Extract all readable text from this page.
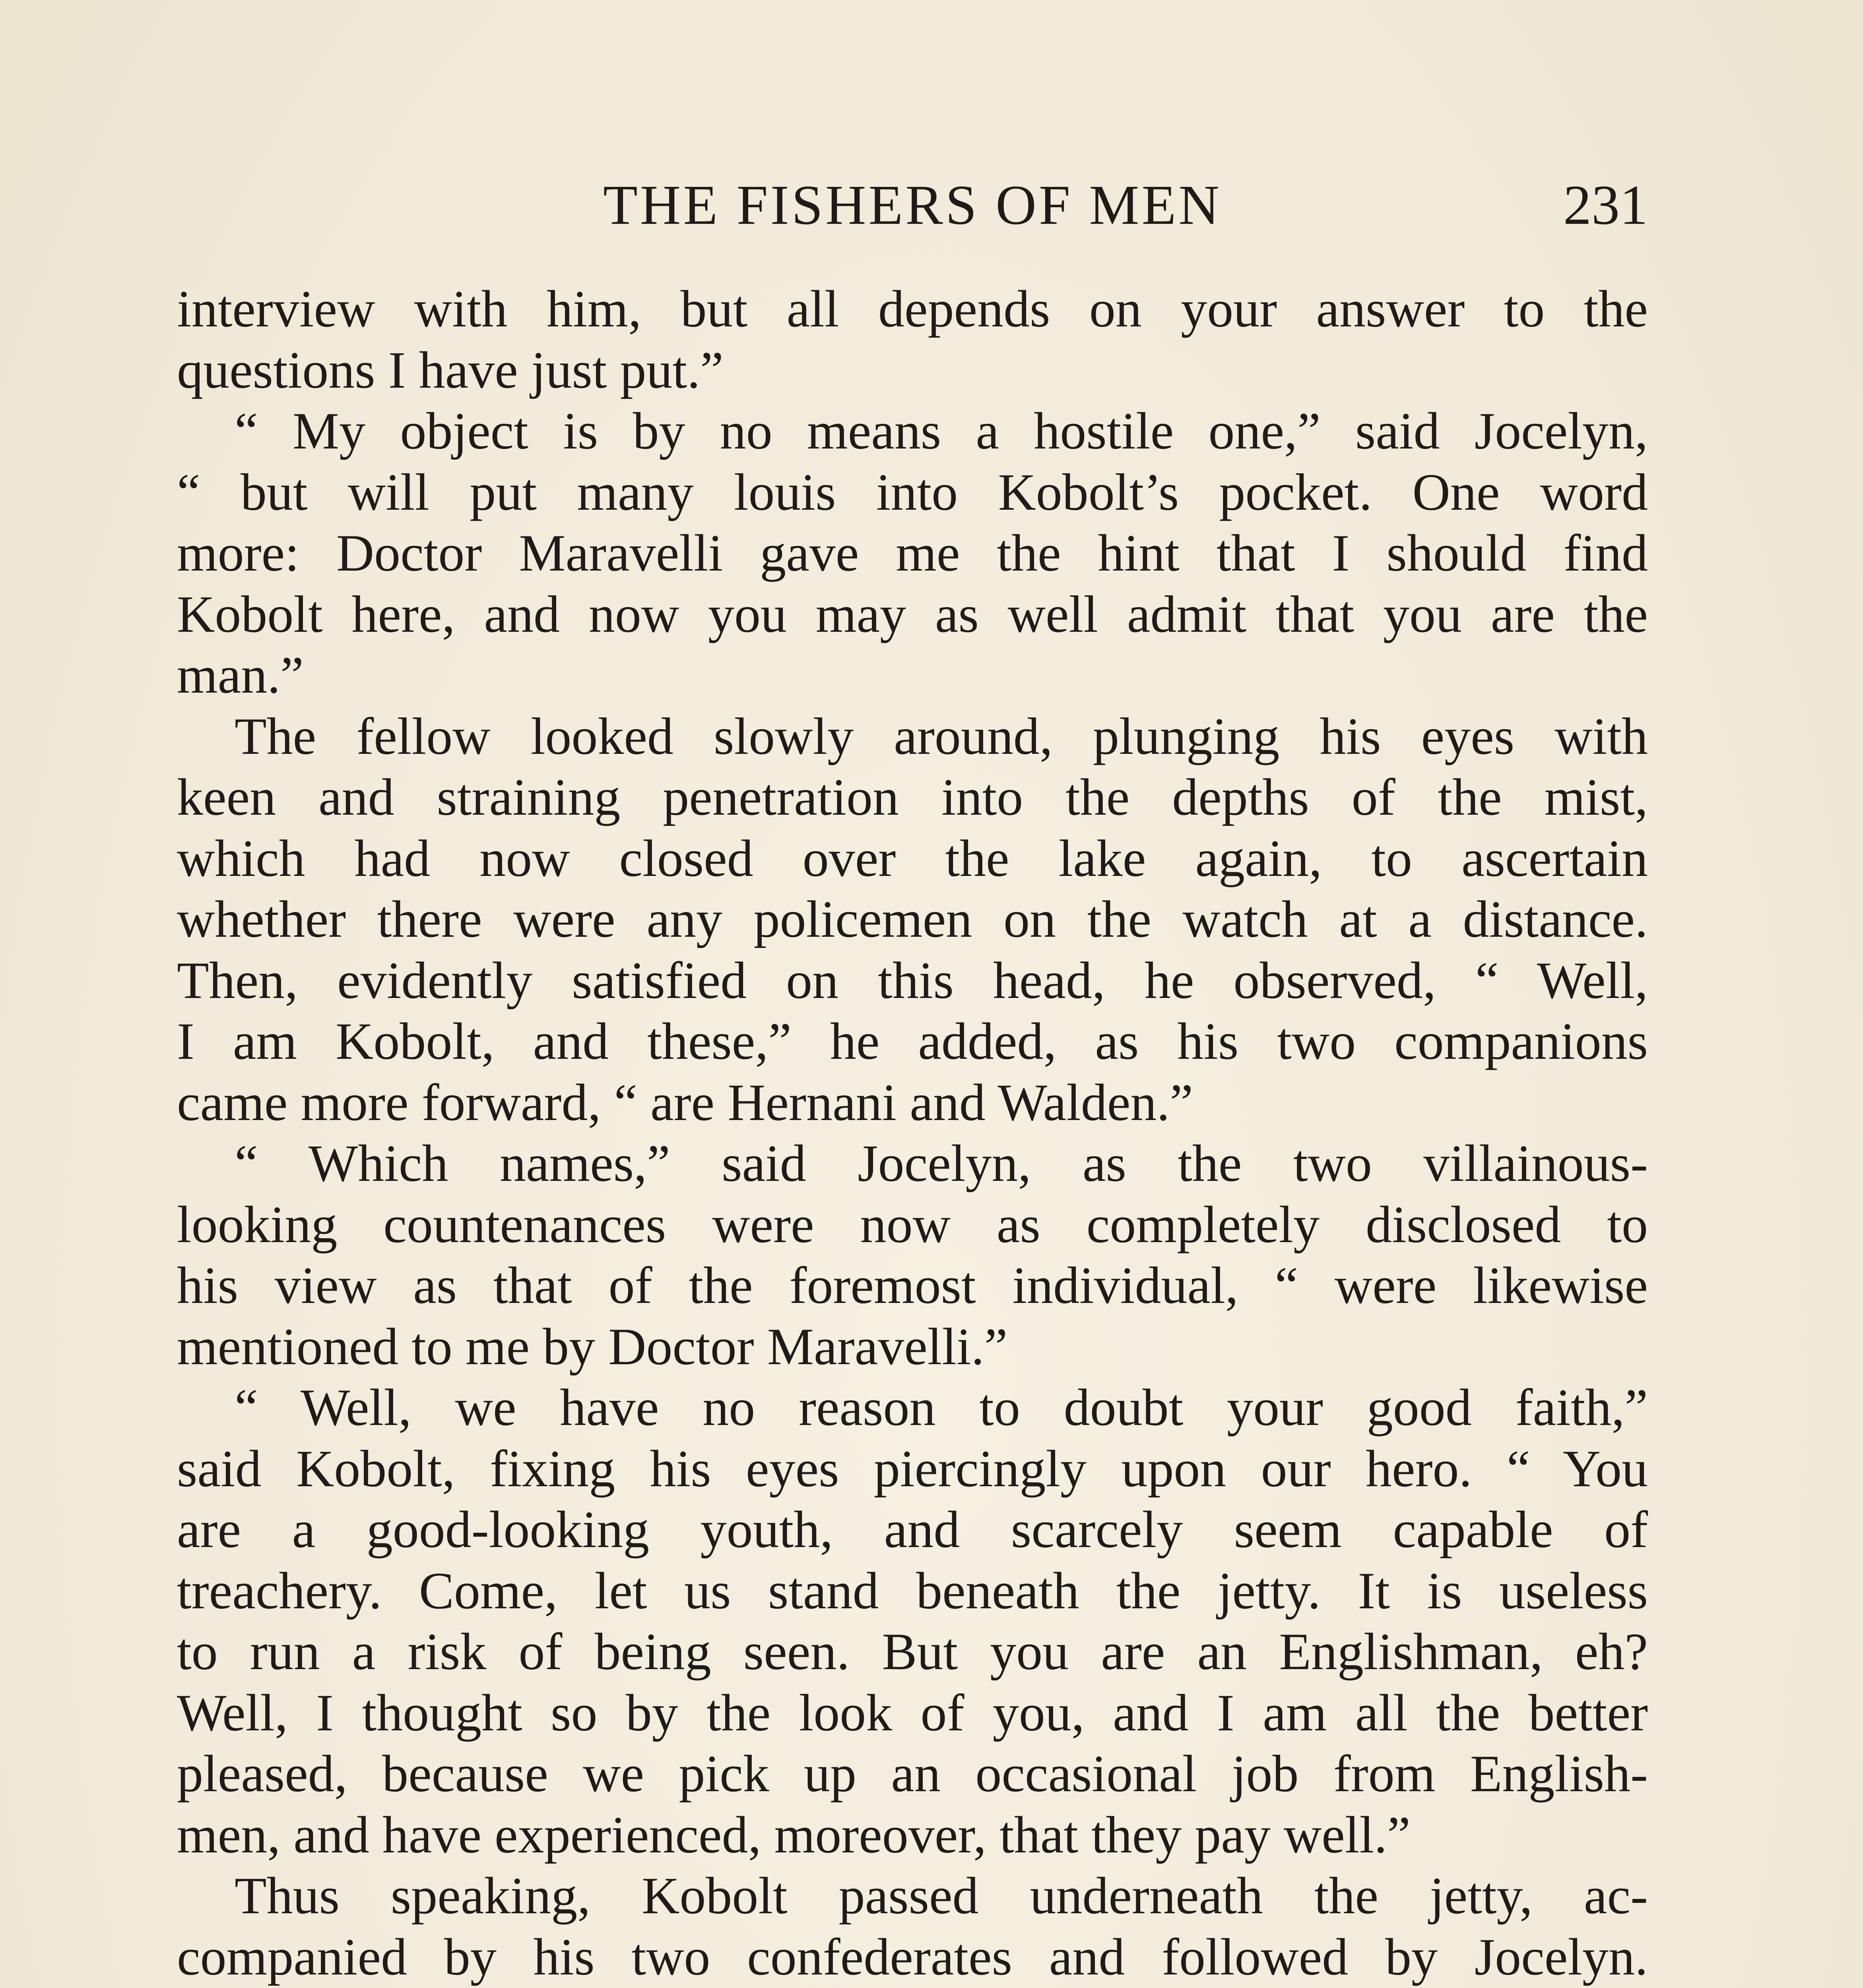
THE FISHERS OF MEN	231
interview with him, but all depends on your answer to the
questions I have just put.”
“ My object is by no means a hostile one,” said Jocelyn,
“ but will put many louis into Kobolt’s pocket. One word
more: Doctor Maravelli gave me the hint that I should find
Kobolt here, and now you may as well admit that you are the
man.”
The fellow looked slowly around, plunging his eyes with
keen and straining penetration into the depths of the mist,
which had now closed over the lake again, to ascertain
whether there were any policemen on the watch at a distance.
Then, evidently satisfied on this head, he observed, “ Well,
I am Kobolt, and these,” he added, as his two companions
came more forward, “ are Hernani and Walden.”
“ Which names,” said Jocelyn, as the two villainous-
looking countenances were now as completely disclosed to
his view as that of the foremost individual, “ were likewise
mentioned to me by Doctor Maravelli.”
“ Well, we have no reason to doubt your good faith,”
said Kobolt, fixing his eyes piercingly upon our hero. “ You
are a good-looking youth, and scarcely seem capable of
treachery. Come, let us stand beneath the jetty. It is useless
to run a risk of being seen. But you are an Englishman, eh?
Well, I thought so by the look of you, and I am all the better
pleased, because we pick up an occasional job from English-
men, and have experienced, moreover, that they pay well.”
Thus speaking, Kobolt passed underneath the jetty, ac-
companied by his two confederates and followed by Jocelyn.
